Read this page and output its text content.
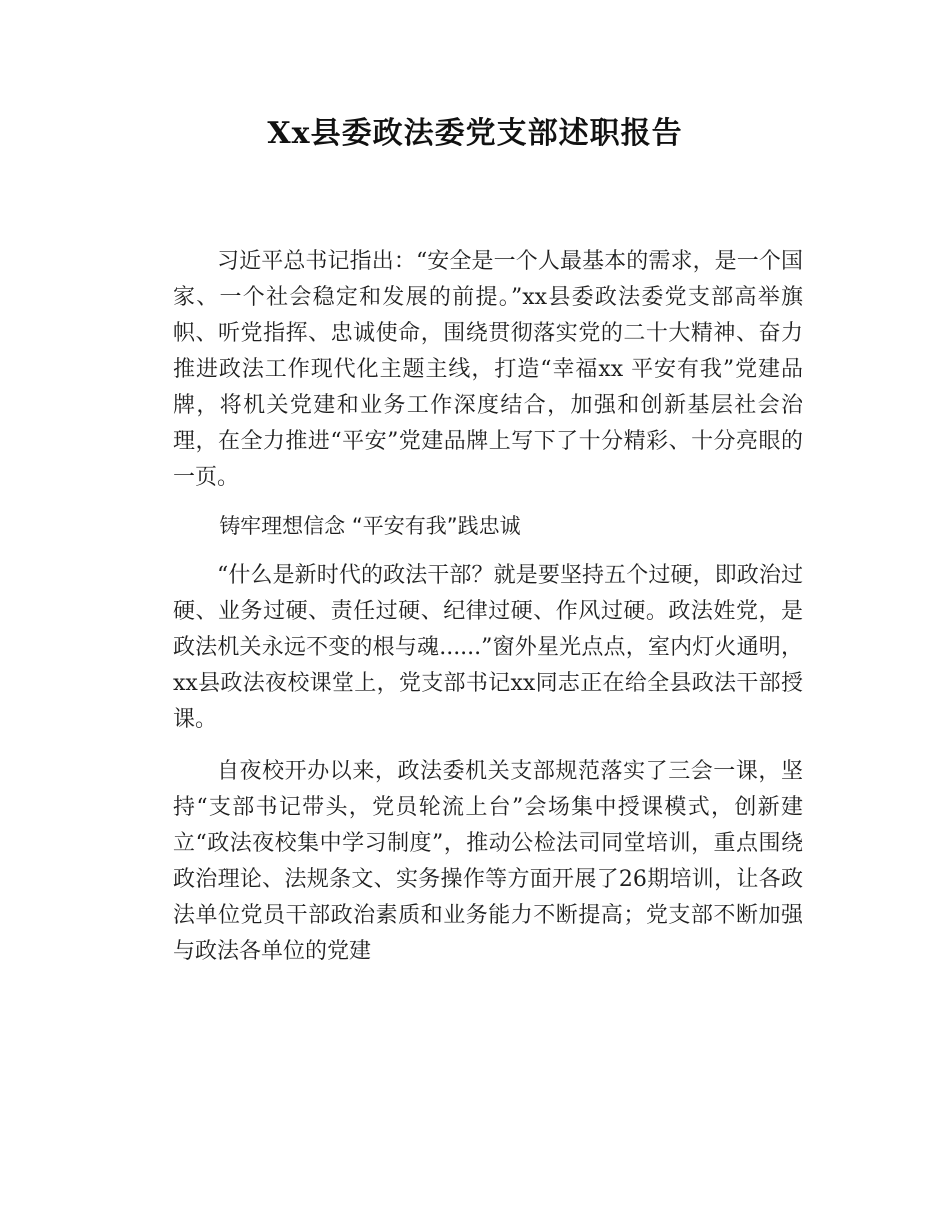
Xx县委政法委党支部述职报告

习近平总书记指出：“安全是一个人最基本的需求，是一个国家、一个社会稳定和发展的前提。”xx县委政法委党支部高举旗帜、听党指挥、忠诚使命，围绕贯彻落实党的二十大精神、奋力推进政法工作现代化主题主线，打造“幸福xx 平安有我”党建品牌，将机关党建和业务工作深度结合，加强和创新基层社会治理，在全力推进“平安”党建品牌上写下了十分精彩、十分亮眼的一页。

铸牢理想信念 “平安有我”践忠诚

“什么是新时代的政法干部？就是要坚持五个过硬，即政治过硬、业务过硬、责任过硬、纪律过硬、作风过硬。政法姓党，是政法机关永远不变的根与魂......”窗外星光点点，室内灯火通明，xx县政法夜校课堂上，党支部书记xx同志正在给全县政法干部授课。

自夜校开办以来，政法委机关支部规范落实了三会一课，坚持“支部书记带头，党员轮流上台”会场集中授课模式，创新建立“政法夜校集中学习制度”，推动公检法司同堂培训，重点围绕政治理论、法规条文、实务操作等方面开展了26期培训，让各政法单位党员干部政治素质和业务能力不断提高；党支部不断加强与政法各单位的党建
